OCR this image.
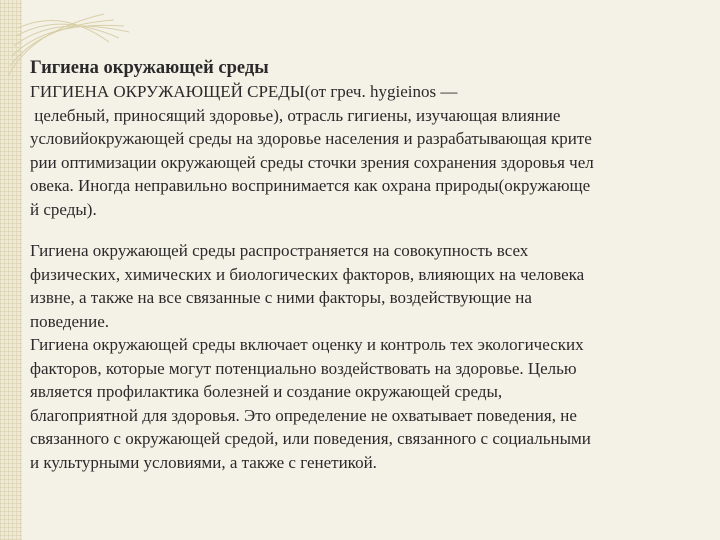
Гигиена окружающей среды

ГИГИЕНА ОКРУЖАЮЩЕЙ СРЕДЫ(от греч. hygieinos —
целебный, приносящий здоровье), отрасль гигиены, изучающая влияние
условийокружающей среды на здоровье населения и разрабатывающая крите
рии оптимизации окружающей среды сточки зрения сохранения здоровья чел
овека. Иногда неправильно воспринимается как охрана природы(окружающе
й среды).

Гигиена окружающей среды распространяется на совокупность всех
физических, химических и биологических факторов, влияющих на человека
извне, а также на все связанные с ними факторы, воздействующие на
поведение.

Гигиена окружающей среды включает оценку и контроль тех экологических
факторов, которые могут потенциально воздействовать на здоровье. Целью
является профилактика болезней и создание окружающей среды,
благоприятной для здоровья. Это определение не охватывает поведения, не
связанного с окружающей средой, или поведения, связанного с социальными
и культурными условиями, а также с генетикой.
